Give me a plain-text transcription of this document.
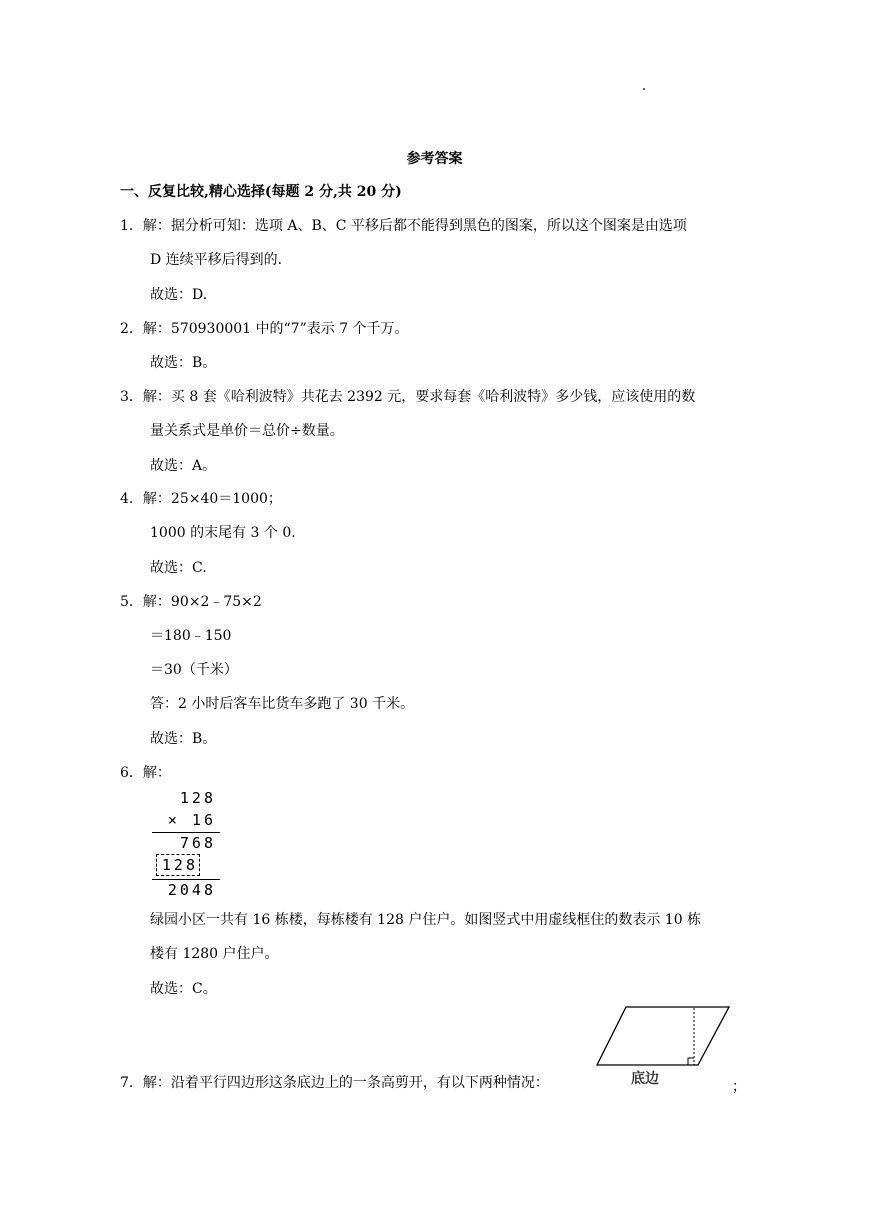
参考答案
一、反复比较,精心选择(每题 2 分,共 20 分)
1．解：据分析可知：选项 A、B、C 平移后都不能得到黑色的图案，所以这个图案是由选项
D 连续平移后得到的.
故选：D.
2．解：570930001 中的“7”表示 7 个千万。
故选：B。
3．解：买 8 套《哈利波特》共花去 2392 元，要求每套《哈利波特》多少钱，应该使用的数
量关系式是单价＝总价÷数量。
故选：A。
4．解：25×40＝1000；
1000 的末尾有 3 个 0.
故选：C.
5．解：90×2﹣75×2
＝180﹣150
＝30（千米）
答：2 小时后客车比货车多跑了 30 千米。
故选：B。
6．解：
128
× 16
768
128
2048
绿园小区一共有 16 栋楼，每栋楼有 128 户住户。如图竖式中用虚线框住的数表示 10 栋
楼有 1280 户住户。
故选：C。
7．解：沿着平行四边形这条底边上的一条高剪开，有以下两种情况：	底边	；
